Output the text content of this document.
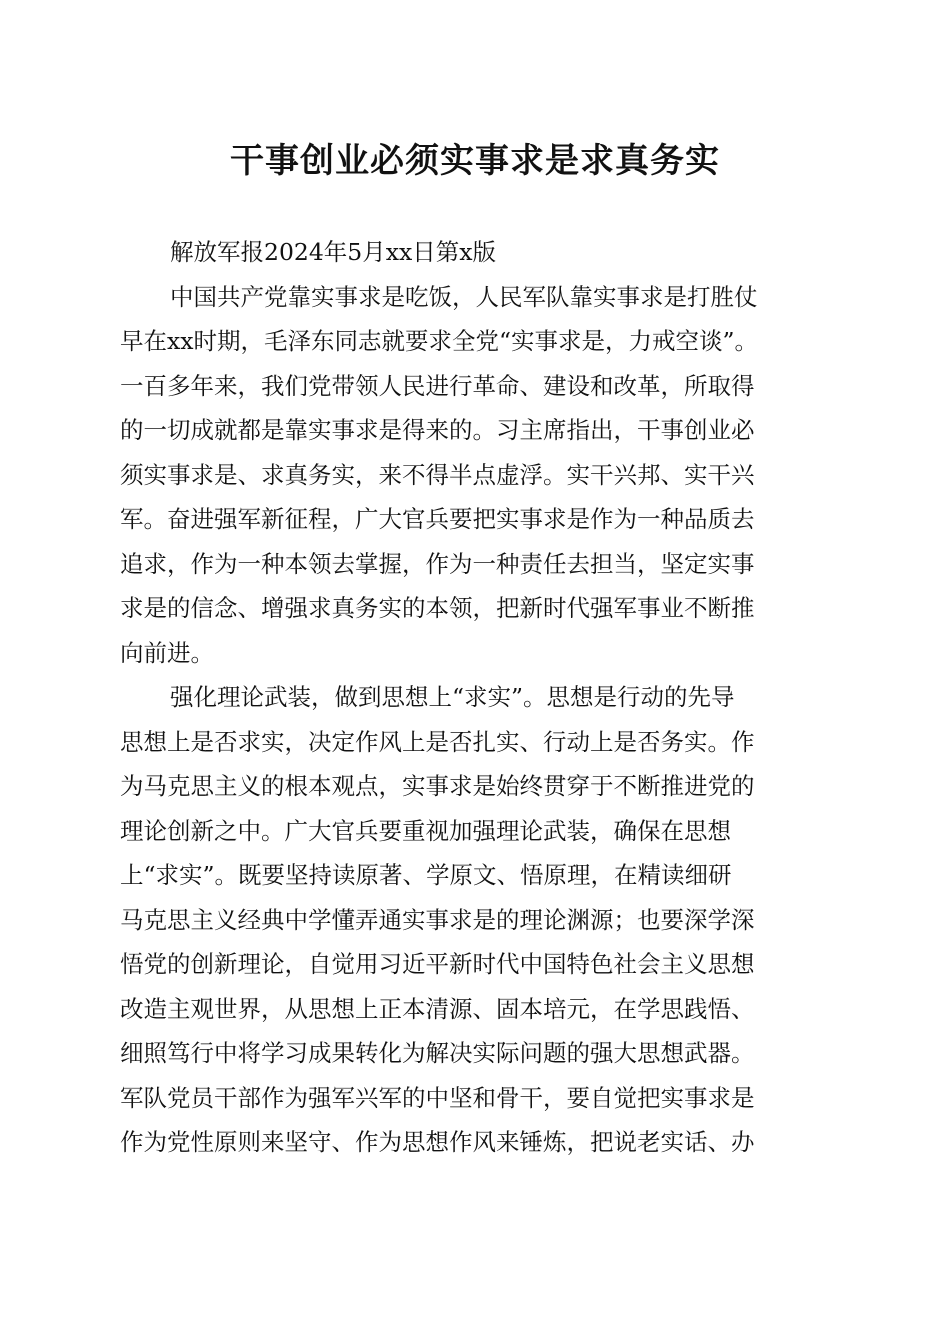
干事创业必须实事求是求真务实
解放军报2024年5月xx日第x版
中国共产党靠实事求是吃饭，人民军队靠实事求是打胜仗
早在xx时期，毛泽东同志就要求全党“实事求是，力戒空谈”。
一百多年来，我们党带领人民进行革命、建设和改革，所取得
的一切成就都是靠实事求是得来的。习主席指出，干事创业必
须实事求是、求真务实，来不得半点虚浮。实干兴邦、实干兴
军。奋进强军新征程，广大官兵要把实事求是作为一种品质去
追求，作为一种本领去掌握，作为一种责任去担当，坚定实事
求是的信念、增强求真务实的本领，把新时代强军事业不断推
向前进。
强化理论武装，做到思想上“求实”。思想是行动的先导
思想上是否求实，决定作风上是否扎实、行动上是否务实。作
为马克思主义的根本观点，实事求是始终贯穿于不断推进党的
理论创新之中。广大官兵要重视加强理论武装，确保在思想
上“求实”。既要坚持读原著、学原文、悟原理，在精读细研
马克思主义经典中学懂弄通实事求是的理论渊源；也要深学深
悟党的创新理论，自觉用习近平新时代中国特色社会主义思想
改造主观世界，从思想上正本清源、固本培元，在学思践悟、
细照笃行中将学习成果转化为解决实际问题的强大思想武器。
军队党员干部作为强军兴军的中坚和骨干，要自觉把实事求是
作为党性原则来坚守、作为思想作风来锤炼，把说老实话、办
